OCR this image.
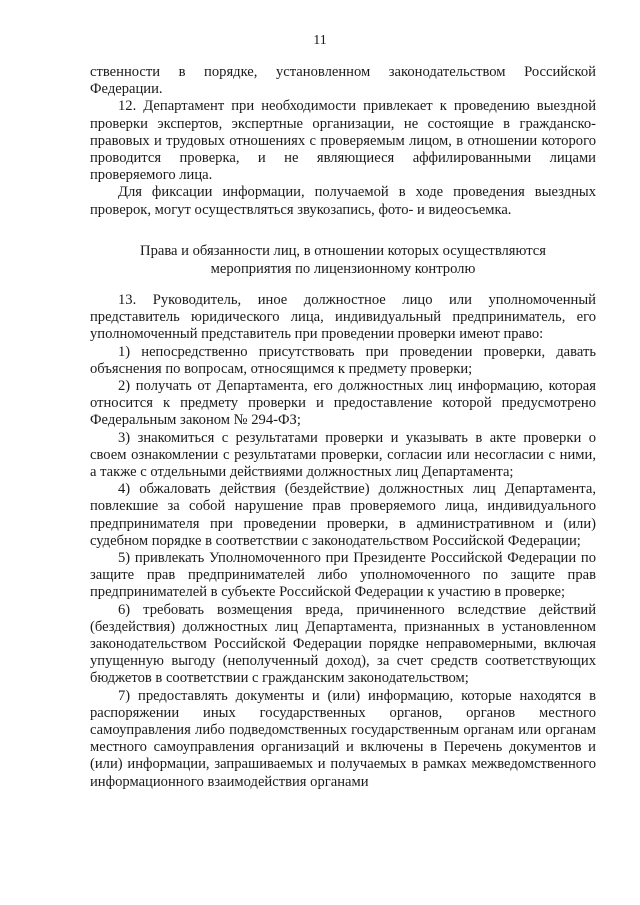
11

ственности в порядке, установленном законодательством Российской Федерации.

12. Департамент при необходимости привлекает к проведению выездной проверки экспертов, экспертные организации, не состоящие в гражданско-правовых и трудовых отношениях с проверяемым лицом, в отношении которого проводится проверка, и не являющиеся аффилированными лицами проверяемого лица.

Для фиксации информации, получаемой в ходе проведения выездных проверок, могут осуществляться звукозапись, фото- и видеосъемка.

Права и обязанности лиц, в отношении которых осуществляются
мероприятия по лицензионному контролю

13. Руководитель, иное должностное лицо или уполномоченный представитель юридического лица, индивидуальный предприниматель, его уполномоченный представитель при проведении проверки имеют право:

1) непосредственно присутствовать при проведении проверки, давать объяснения по вопросам, относящимся к предмету проверки;

2) получать от Департамента, его должностных лиц информацию, которая относится к предмету проверки и предоставление которой предусмотрено Федеральным законом № 294-ФЗ;

3) знакомиться с результатами проверки и указывать в акте проверки о своем ознакомлении с результатами проверки, согласии или несогласии с ними, а также с отдельными действиями должностных лиц Департамента;

4) обжаловать действия (бездействие) должностных лиц Департамента, повлекшие за собой нарушение прав проверяемого лица, индивидуального предпринимателя при проведении проверки, в административном и (или) судебном порядке в соответствии с законодательством Российской Федерации;

5) привлекать Уполномоченного при Президенте Российской Федерации по защите прав предпринимателей либо уполномоченного по защите прав предпринимателей в субъекте Российской Федерации к участию в проверке;

6) требовать возмещения вреда, причиненного вследствие действий (бездействия) должностных лиц Департамента, признанных в установленном законодательством Российской Федерации порядке неправомерными, включая упущенную выгоду (неполученный доход), за счет средств соответствующих бюджетов в соответствии с гражданским законодательством;

7) предоставлять документы и (или) информацию, которые находятся в распоряжении иных государственных органов, органов местного самоуправления либо подведомственных государственным органам или органам местного самоуправления организаций и включены в Перечень документов и (или) информации, запрашиваемых и получаемых в рамках межведомственного информационного взаимодействия органами
